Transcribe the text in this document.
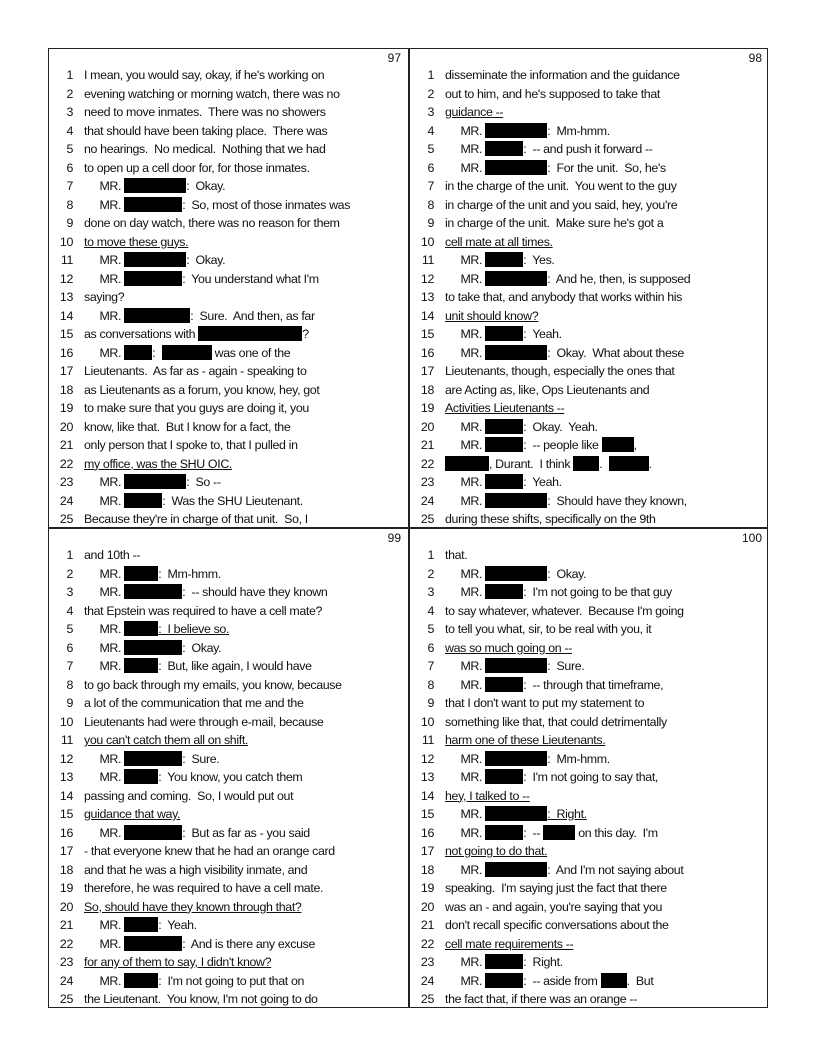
97
1 I mean, you would say, okay, if he's working on
2 evening watching or morning watch, there was no
3 need to move inmates.  There was no showers
4 that should have been taking place.  There was
5 no hearings.  No medical.  Nothing that we had
6 to open up a cell door for, for those inmates.
7 MR.	:  Okay.
8 MR.	:  So, most of those inmates was
9 done on day watch, there was no reason for them
10 to move these guys.
11 MR.	:  Okay.
12 MR.	:  You understand what I'm
13 saying?
14 MR.	:  Sure.  And then, as far
15 as conversations with	?
16 MR. :	was one of the
17 Lieutenants.  As far as - again - speaking to
18 as Lieutenants as a forum, you know, hey, got
19 to make sure that you guys are doing it, you
20 know, like that.  But I know for a fact, the
21 only person that I spoke to, that I pulled in
22 my office, was the SHU OIC.
23 MR.	:  So --
24 MR.	:  Was the SHU Lieutenant.
25 Because they're in charge of that unit.  So, I
98
1 disseminate the information and the guidance
2 out to him, and he's supposed to take that
3 guidance --
4 MR.	:  Mm-hmm.
5 MR.	:  -- and push it forward --
6 MR.	:  For the unit.  So, he's
7 in the charge of the unit.  You went to the guy
8 in charge of the unit and you said, hey, you're
9 in charge of the unit.  Make sure he's got a
10 cell mate at all times.
11 MR.	:  Yes.
12 MR.	:  And he, then, is supposed
13 to take that, and anybody that works within his
14 unit should know?
15 MR.	:  Yeah.
16 MR.	:  Okay.  What about these
17 Lieutenants, though, especially the ones that
18 are Acting as, like, Ops Lieutenants and
19 Activities Lieutenants --
20 MR.	:  Okay.  Yeah.
21 MR.	:  -- people like	,
22	, Durant.  I think .	.
23 MR.	:  Yeah.
24 MR.	:  Should have they known,
25 during these shifts, specifically on the 9th
99
1 and 10th --
2 MR.	:  Mm-hmm.
3 MR.	:  -- should have they known
4 that Epstein was required to have a cell mate?
5 MR.	:  I believe so.
6 MR.	:  Okay.
7 MR.	:  But, like again, I would have
8 to go back through my emails, you know, because
9 a lot of the communication that me and the
10 Lieutenants had were through e-mail, because
11 you can't catch them all on shift.
12 MR.	:  Sure.
13 MR.	:  You know, you catch them
14 passing and coming.  So, I would put out
15 guidance that way.
16 MR.	:  But as far as - you said
17 - that everyone knew that he had an orange card
18 and that he was a high visibility inmate, and
19 therefore, he was required to have a cell mate.
20 So, should have they known through that?
21 MR.	:  Yeah.
22 MR.	:  And is there any excuse
23 for any of them to say, I didn't know?
24 MR.	:  I'm not going to put that on
25 the Lieutenant.  You know, I'm not going to do
100
1 that.
2 MR.	:  Okay.
3 MR.	:  I'm not going to be that guy
4 to say whatever, whatever.  Because I'm going
5 to tell you what, sir, to be real with you, it
6 was so much going on --
7 MR.	:  Sure.
8 MR.	:  -- through that timeframe,
9 that I don't want to put my statement to
10 something like that, that could detrimentally
11 harm one of these Lieutenants.
12 MR.	:  Mm-hmm.
13 MR.	:  I'm not going to say that,
14 hey, I talked to --
15 MR.	:  Right.
16 MR.	:  --	on this day.  I'm
17 not going to do that.
18 MR.	:  And I'm not saying about
19 speaking.  I'm saying just the fact that there
20 was an - and again, you're saying that you
21 don't recall specific conversations about the
22 cell mate requirements --
23 MR.	:  Right.
24 MR.	:  -- aside from .  But
25 the fact that, if there was an orange --
